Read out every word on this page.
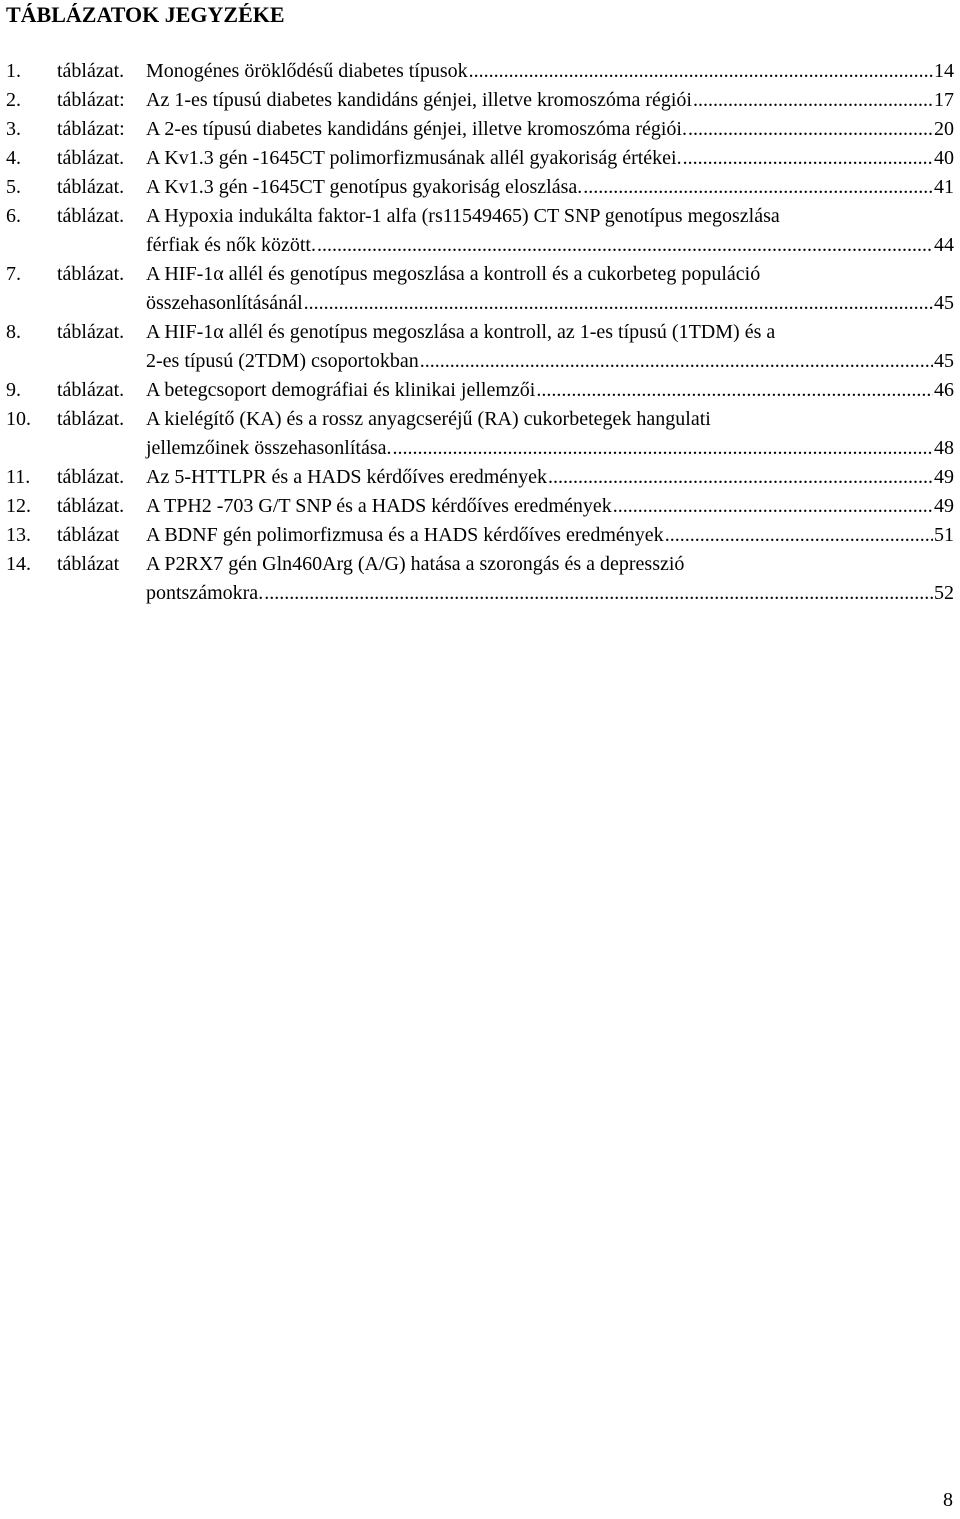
TÁBLÁZATOK JEGYZÉKE
1. táblázat. Monogénes öröklődésű diabetes típusok .....	14
2. táblázat: Az 1-es típusú diabetes kandidáns génjei, illetve kromoszóma régiói .....	17
3. táblázat: A 2-es típusú diabetes kandidáns génjei, illetve kromoszóma régiói. .....	20
4. táblázat. A Kv1.3 gén -1645CT polimorfizmusának allél gyakoriság értékei. .....	40
5. táblázat. A Kv1.3 gén -1645CT genotípus gyakoriság eloszlása. .....	41
6. táblázat. A Hypoxia indukálta faktor-1 alfa (rs11549465) CT SNP genotípus megoszlása
férfiak és nők között. .....	44
7. táblázat. A HIF-1α allél és genotípus megoszlása a kontroll és a cukorbeteg populáció
összehasonlításánál .....	45
8. táblázat. A HIF-1α allél és genotípus megoszlása a kontroll, az 1-es típusú (1TDM) és a
2-es típusú (2TDM) csoportokban .....	45
9. táblázat. A betegcsoport demográfiai és klinikai jellemzői .....	46
10. táblázat. A kielégítő (KA) és a rossz anyagcseréjű (RA) cukorbetegek hangulati
jellemzőinek összehasonlítása. .....	48
11. táblázat. Az 5-HTTLPR és a HADS kérdőíves eredmények .....	49
12. táblázat. A TPH2 -703 G/T SNP és a HADS kérdőíves eredmények .....	49
13. táblázat A BDNF gén polimorfizmusa és a HADS kérdőíves eredmények .....	51
14. táblázat A P2RX7 gén Gln460Arg (A/G) hatása a szorongás és a depresszió
pontszámokra. .....	52
8
